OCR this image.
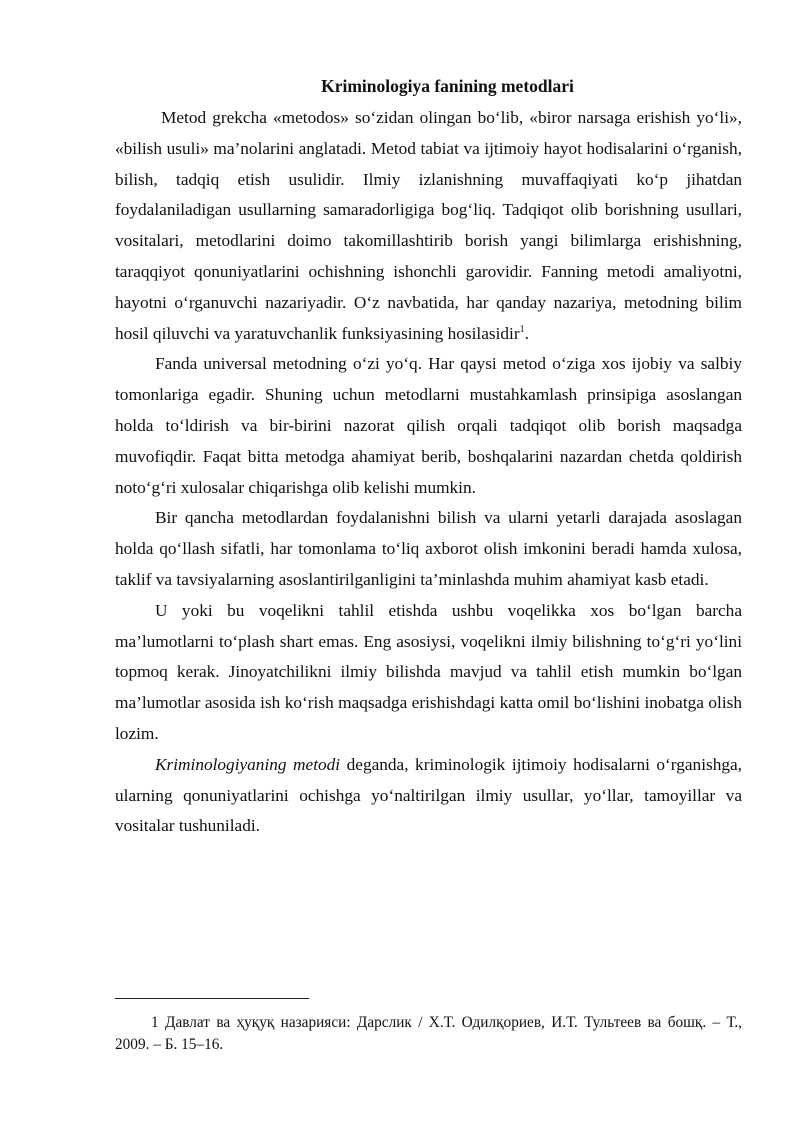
Kriminologiya fanining metodlari

Metod grekcha «metodos» so‘zidan olingan bo‘lib, «biror narsaga erishish yo‘li», «bilish usuli» ma’nolarini anglatadi. Metod tabiat va ijtimoiy hayot hodisalarini o‘rganish, bilish, tadqiq etish usulidir. Ilmiy izlanishning muvaffaqiyati ko‘p jihatdan foydalaniladigan usullarning samaradorligiga bog‘liq. Tadqiqot olib borishning usullari, vositalari, metodlarini doimo takomillashtirib borish yangi bilimlarga erishishning, taraqqiyot qonuniyatlarini ochishning ishonchli garovidir. Fanning metodi amaliyotni, hayotni o‘rganuvchi nazariyadir. O‘z navbatida, har qanday nazariya, metodning bilim hosil qiluvchi va yaratuvchanlik funksiyasining hosilasidir$^1$.

Fanda universal metodning o‘zi yo‘q. Har qaysi metod o‘ziga xos ijobiy va salbiy tomonlariga egadir. Shuning uchun metodlarni mustahkamlash prinsipiga asoslangan holda to‘ldirish va bir-birini nazorat qilish orqali tadqiqot olib borish maqsadga muvofiqdir. Faqat bitta metodga ahamiyat berib, boshqalarini nazardan chetda qoldirish noto‘g‘ri xulosalar chiqarishga olib kelishi mumkin.

Bir qancha metodlardan foydalanishni bilish va ularni yetarli darajada asoslagan holda qo‘llash sifatli, har tomonlama to‘liq axborot olish imkonini beradi hamda xulosa, taklif va tavsiyalarning asoslantirilganligini ta’minlashda muhim ahamiyat kasb etadi.

U yoki bu voqelikni tahlil etishda ushbu voqelikka xos bo‘lgan barcha ma’lumotlarni to‘plash shart emas. Eng asosiysi, voqelikni ilmiy bilishning to‘g‘ri yo‘lini topmoq kerak. Jinoyatchilikni ilmiy bilishda mavjud va tahlil etish mumkin bo‘lgan ma’lumotlar asosida ish ko‘rish maqsadga erishishdagi katta omil bo‘lishini inobatga olish lozim.

Kriminologiyaning metodi deganda, kriminologik ijtimoiy hodisalarni o‘rganishga, ularning qonuniyatlarini ochishga yo‘naltirilgan ilmiy usullar, yo‘llar, tamoyillar va vositalar tushuniladi.

1 Давлат ва ҳуқуқ назарияси: Дарслик / Х.Т. Одилқориев, И.Т. Тультеев ва бошқ. – Т., 2009. – Б. 15–16.
